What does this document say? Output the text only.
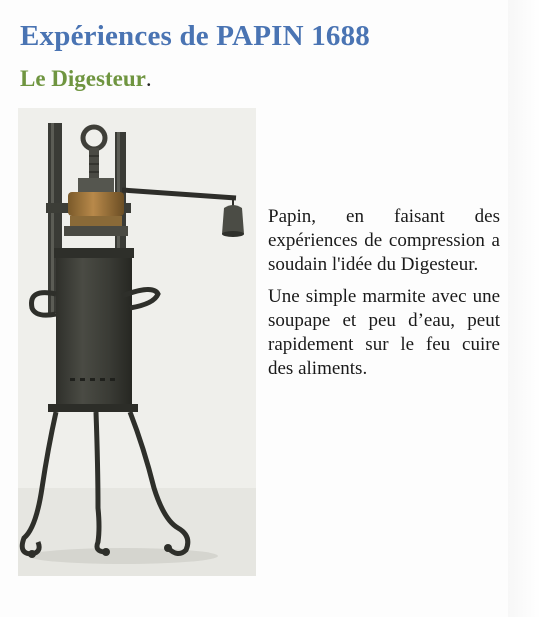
Expériences de PAPIN 1688
Le Digesteur.

Papin, en faisant des expériences de compression a soudain l'idée du Digesteur.

Une simple marmite avec une soupape et peu d’eau, peut rapidement sur le feu cuire des aliments.
